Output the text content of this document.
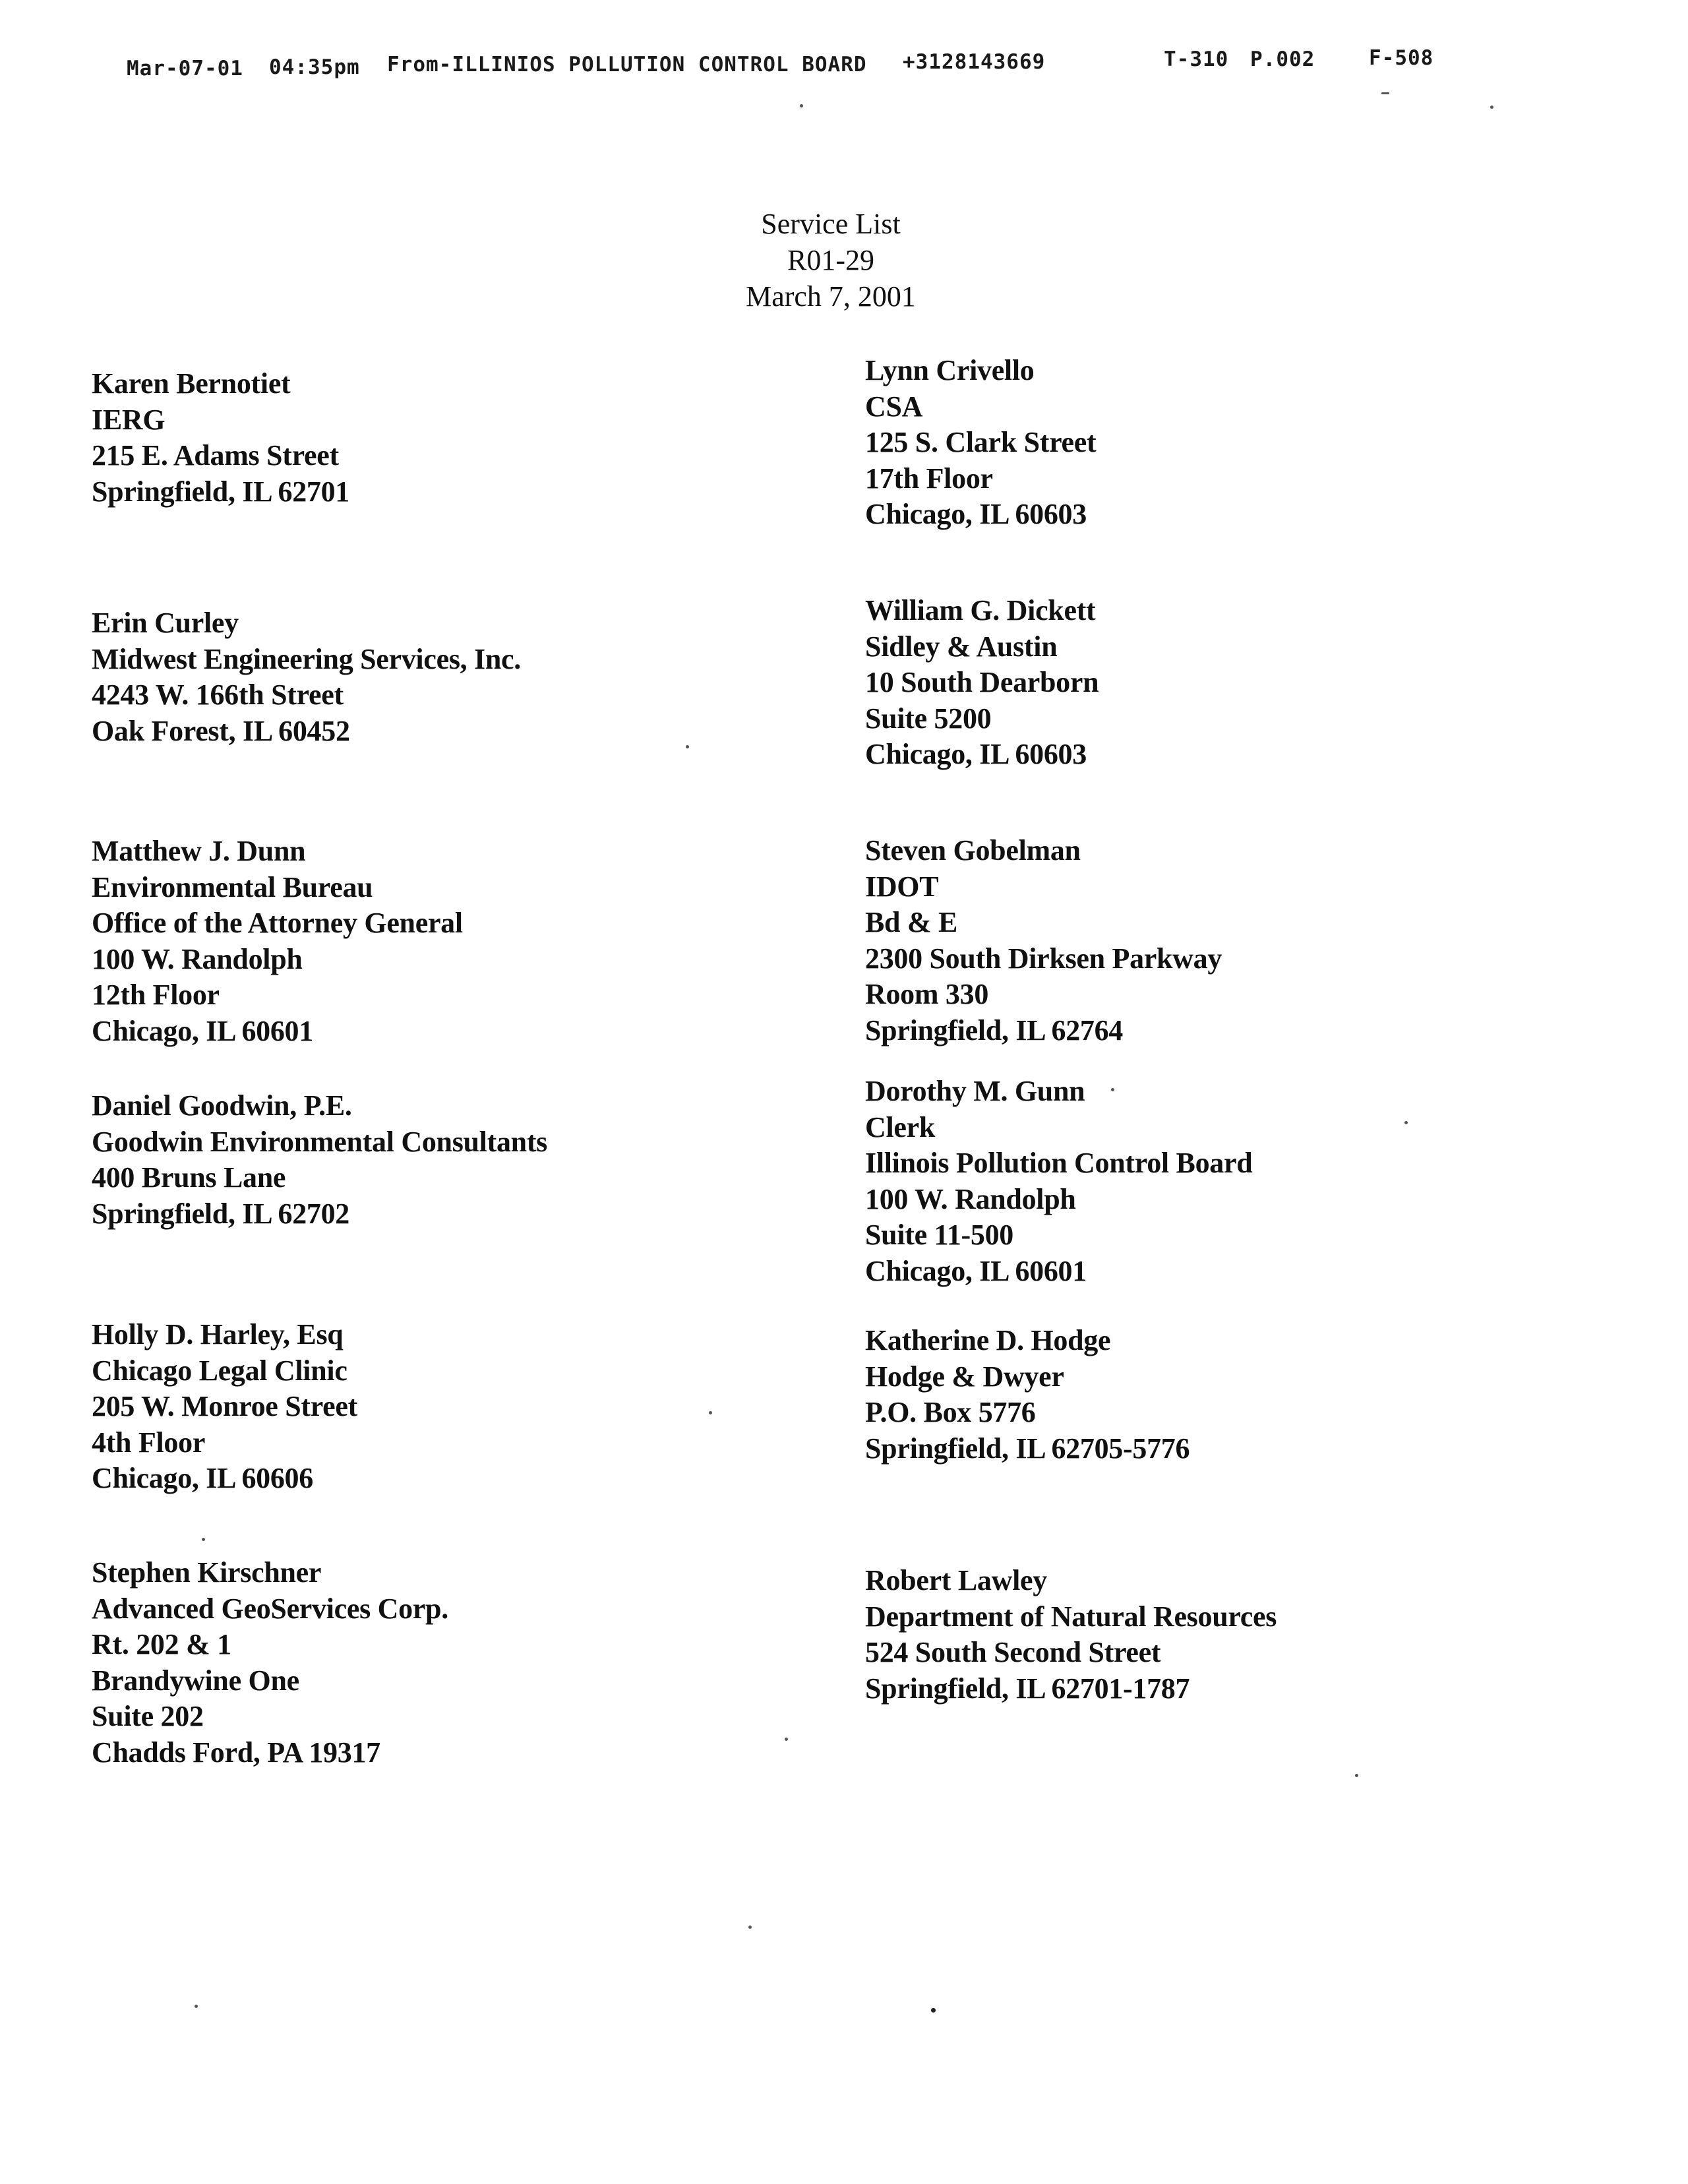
Mar-07-01 04:35pm From-ILLINIOS POLLUTION CONTROL BOARD +3128143669	T-310 P.002	F-508
Service List
R01-29
March 7, 2001
Karen Bernotiet
IERG
215 E. Adams Street
Springfield, IL 62701
Erin Curley
Midwest Engineering Services, Inc.
4243 W. 166th Street
Oak Forest, IL 60452
Matthew J. Dunn
Environmental Bureau
Office of the Attorney General
100 W. Randolph
12th Floor
Chicago, IL 60601
Daniel Goodwin, P.E.
Goodwin Environmental Consultants
400 Bruns Lane
Springfield, IL 62702
Holly D. Harley, Esq
Chicago Legal Clinic
205 W. Monroe Street
4th Floor
Chicago, IL 60606
Stephen Kirschner
Advanced GeoServices Corp.
Rt. 202 & 1
Brandywine One
Suite 202
Chadds Ford, PA 19317
Lynn Crivello
CSA
125 S. Clark Street
17th Floor
Chicago, IL 60603
William G. Dickett
Sidley & Austin
10 South Dearborn
Suite 5200
Chicago, IL 60603
Steven Gobelman
IDOT
Bd & E
2300 South Dirksen Parkway
Room 330
Springfield, IL 62764
Dorothy M. Gunn
Clerk
Illinois Pollution Control Board
100 W. Randolph
Suite 11-500
Chicago, IL 60601
Katherine D. Hodge
Hodge & Dwyer
P.O. Box 5776
Springfield, IL 62705-5776
Robert Lawley
Department of Natural Resources
524 South Second Street
Springfield, IL 62701-1787
